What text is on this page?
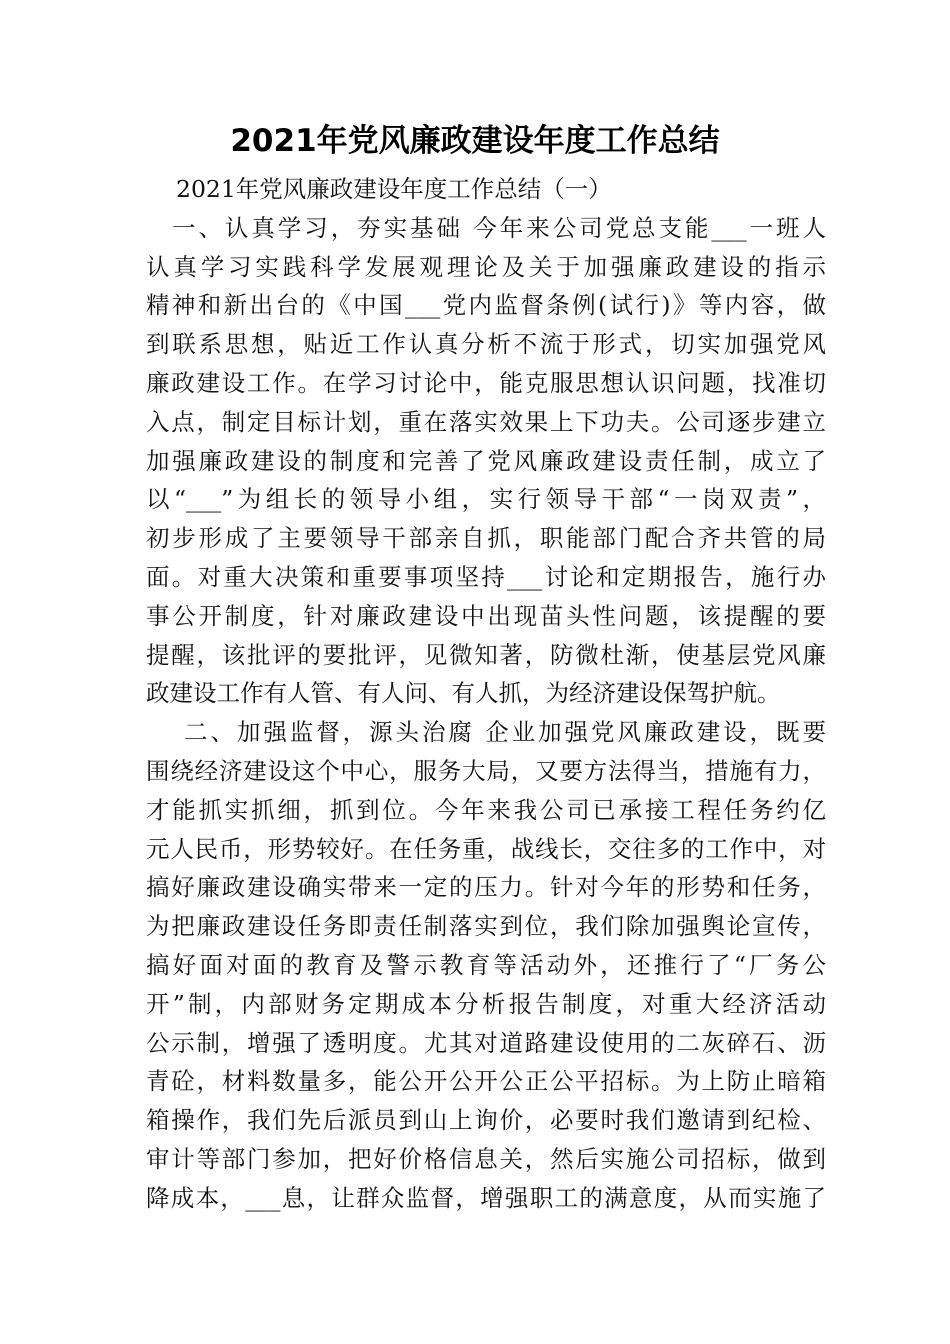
2021年党风廉政建设年度工作总结
2021年党风廉政建设年度工作总结（一）
一、认真学习，夯实基础 今年来公司党总支能___一班人
认真学习实践科学发展观理论及关于加强廉政建设的指示
精神和新出台的《中国___党内监督条例(试行)》等内容，做
到联系思想，贴近工作认真分析不流于形式，切实加强党风
廉政建设工作。在学习讨论中，能克服思想认识问题，找准切
入点，制定目标计划，重在落实效果上下功夫。公司逐步建立
加强廉政建设的制度和完善了党风廉政建设责任制，成立了
以“___”为组长的领导小组，实行领导干部“一岗双责”，
初步形成了主要领导干部亲自抓，职能部门配合齐共管的局
面。对重大决策和重要事项坚持___讨论和定期报告，施行办
事公开制度，针对廉政建设中出现苗头性问题，该提醒的要
提醒，该批评的要批评，见微知著，防微杜渐，使基层党风廉
政建设工作有人管、有人问、有人抓，为经济建设保驾护航。
二、加强监督，源头治腐 企业加强党风廉政建设，既要
围绕经济建设这个中心，服务大局，又要方法得当，措施有力，
才能抓实抓细，抓到位。今年来我公司已承接工程任务约亿
元人民币，形势较好。在任务重，战线长，交往多的工作中，对
搞好廉政建设确实带来一定的压力。针对今年的形势和任务，
为把廉政建设任务即责任制落实到位，我们除加强舆论宣传，
搞好面对面的教育及警示教育等活动外，还推行了“厂务公
开”制，内部财务定期成本分析报告制度，对重大经济活动
公示制，增强了透明度。尤其对道路建设使用的二灰碎石、沥
青砼，材料数量多，能公开公开公正公平招标。为上防止暗箱
箱操作，我们先后派员到山上询价，必要时我们邀请到纪检、
审计等部门参加，把好价格信息关，然后实施公司招标，做到
降成本，___息，让群众监督，增强职工的满意度，从而实施了
